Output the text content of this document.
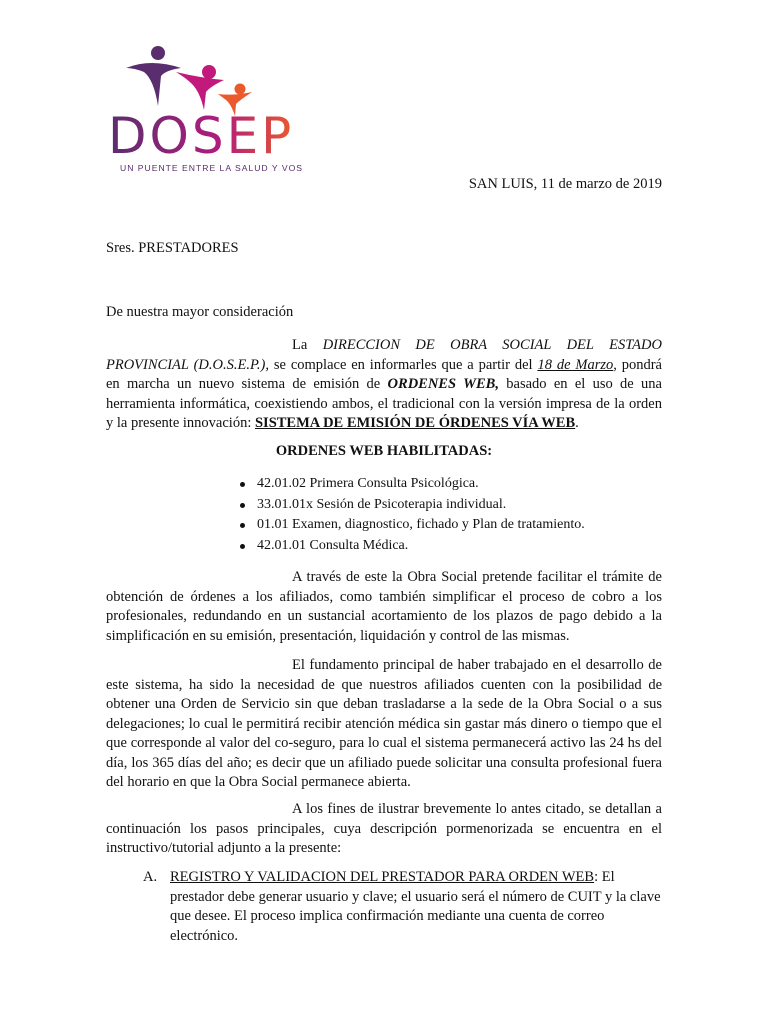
DOSEP
UN PUENTE ENTRE LA SALUD Y VOS
SAN LUIS, 11 de marzo de 2019
Sres. PRESTADORES
De nuestra mayor consideración
La DIRECCION DE OBRA SOCIAL DEL ESTADO PROVINCIAL (D.O.S.E.P.), se complace en informarles que a partir del 18 de Marzo, pondrá en marcha un nuevo sistema de emisión de ORDENES WEB, basado en el uso de una herramienta informática, coexistiendo ambos, el tradicional con la versión impresa de la orden y la presente innovación: SISTEMA DE EMISIÓN DE ÓRDENES VÍA WEB.
ORDENES WEB HABILITADAS:
42.01.02 Primera Consulta Psicológica.
33.01.01x Sesión de Psicoterapia individual.
01.01 Examen, diagnostico, fichado y Plan de tratamiento.
42.01.01 Consulta Médica.
A través de este la Obra Social pretende facilitar el trámite de obtención de órdenes a los afiliados, como también simplificar el proceso de cobro a los profesionales, redundando en un sustancial acortamiento de los plazos de pago debido a la simplificación en su emisión, presentación, liquidación y control de las mismas.
El fundamento principal de haber trabajado en el desarrollo de este sistema, ha sido la necesidad de que nuestros afiliados cuenten con la posibilidad de obtener una Orden de Servicio sin que deban trasladarse a la sede de la Obra Social o a sus delegaciones; lo cual le permitirá recibir atención médica sin gastar más dinero o tiempo que el que corresponde al valor del co-seguro, para lo cual el sistema permanecerá activo las 24 hs del día, los 365 días del año; es decir que un afiliado puede solicitar una consulta profesional fuera del horario en que la Obra Social permanece abierta.
A los fines de ilustrar brevemente lo antes citado, se detallan a continuación los pasos principales, cuya descripción pormenorizada se encuentra en el instructivo/tutorial adjunto a la presente:
A. REGISTRO Y VALIDACION DEL PRESTADOR PARA ORDEN WEB: El prestador debe generar usuario y clave; el usuario será el número de CUIT y la clave que desee. El proceso implica confirmación mediante una cuenta de correo electrónico.
